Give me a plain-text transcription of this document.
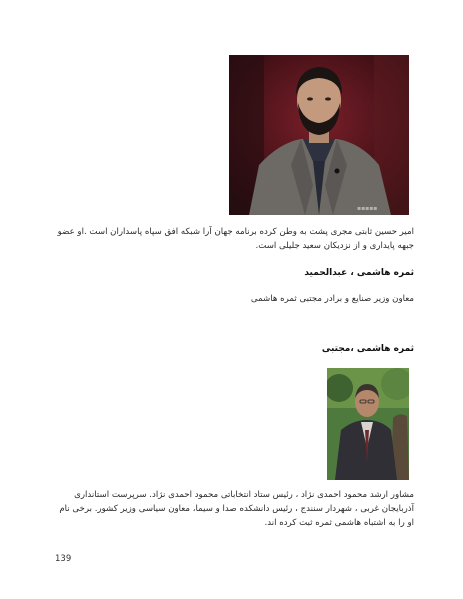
▪▪▪▪▪

امیر حسین ثابتی مجری پشت به وطن کرده برنامه جهان آرا شبکه افق سپاه پاسداران است .او عضو جبهه پایداری و از نزدیکان سعید جلیلی است.

ثمره هاشمی ، عبدالحمید

معاون وزیر صنایع و برادر مجتبی ثمره هاشمی

ثمره هاشمی ،مجتبی

مشاور ارشد محمود احمدی نژاد ، رئیس ستاد انتخاباتی محمود احمدی نژاد. سرپرست استانداری آذربایجان غربی ، شهردار سنندج ، رئیس دانشکده صدا و سیما، معاون سیاسی وزیر کشور. برخی نام او را به اشتباه هاشمی ثمره ثبت کرده اند.

139
